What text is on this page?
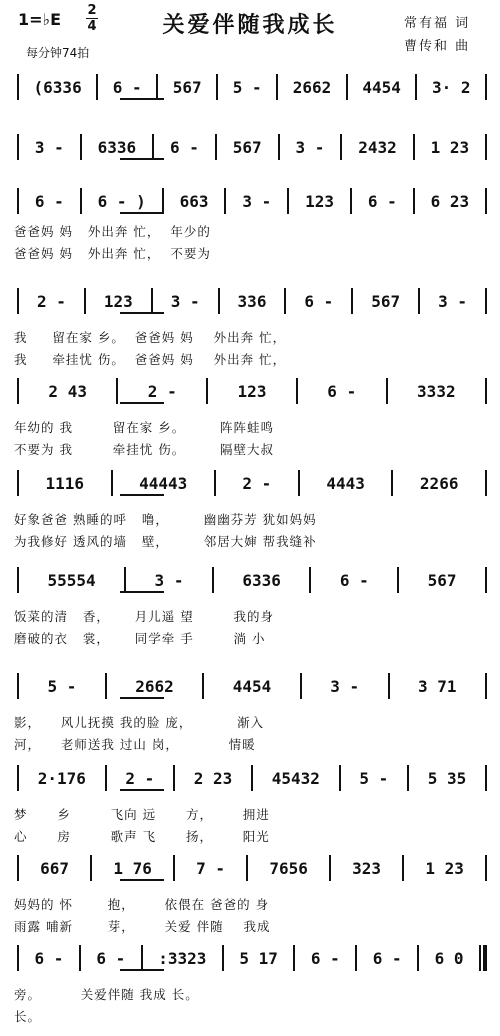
1=♭E 2
4	关爱伴随我成长
每分钟74拍
常有福 词
曹传和 曲
(6336	6 -	567	5 -	2662	4454	3· 2
3 -	6336	6 -	567	3 -	2432	1 23
6 -	6 - )	663	3 -	123	6 -	6 23
爸爸妈 妈   外出奔 忙，  年少的
爸爸妈 妈   外出奔 忙，  不要为
2 -	123	3 -	336	6 -	567	3 -
我     留在家 乡。  爸爸妈 妈    外出奔 忙，
我     牵挂忧 伤。  爸爸妈 妈    外出奔 忙，
2 43	2 -	123	6 -	3332
年幼的 我        留在家 乡。       阵阵蛙鸣
不要为 我        牵挂忧 伤。       隔壁大叔
1116	44443	2 -	4443	2266
好象爸爸 熟睡的呼   噜，       幽幽芬芳 犹如妈妈
为我修好 透风的墙   壁，       邻居大婶 帮我缝补
55554	3 -	6336	6 -	567
饭菜的清   香，     月儿遥 望        我的身
磨破的衣   裳，     同学牵 手        淌 小
5 -	2662	4454	3 -	3 71
影，    风儿抚摸 我的脸 庞，         渐入
河，    老师送我 过山 岗，          情暖
2·176	2 -	2 23	45432	5 -	5 35
梦      乡        飞向 远      方，      拥进
心      房        歌声 飞      扬，      阳光
667	1 76	7 -	7656	323	1 23
妈妈的 怀       抱，      依偎在 爸爸的 身
雨露 哺新       芽，      关爱 伴随    我成
6 -	6 -	:3323	5 17	6 -	6 -	6 0
旁。        关爱伴随 我成 长。
长。
